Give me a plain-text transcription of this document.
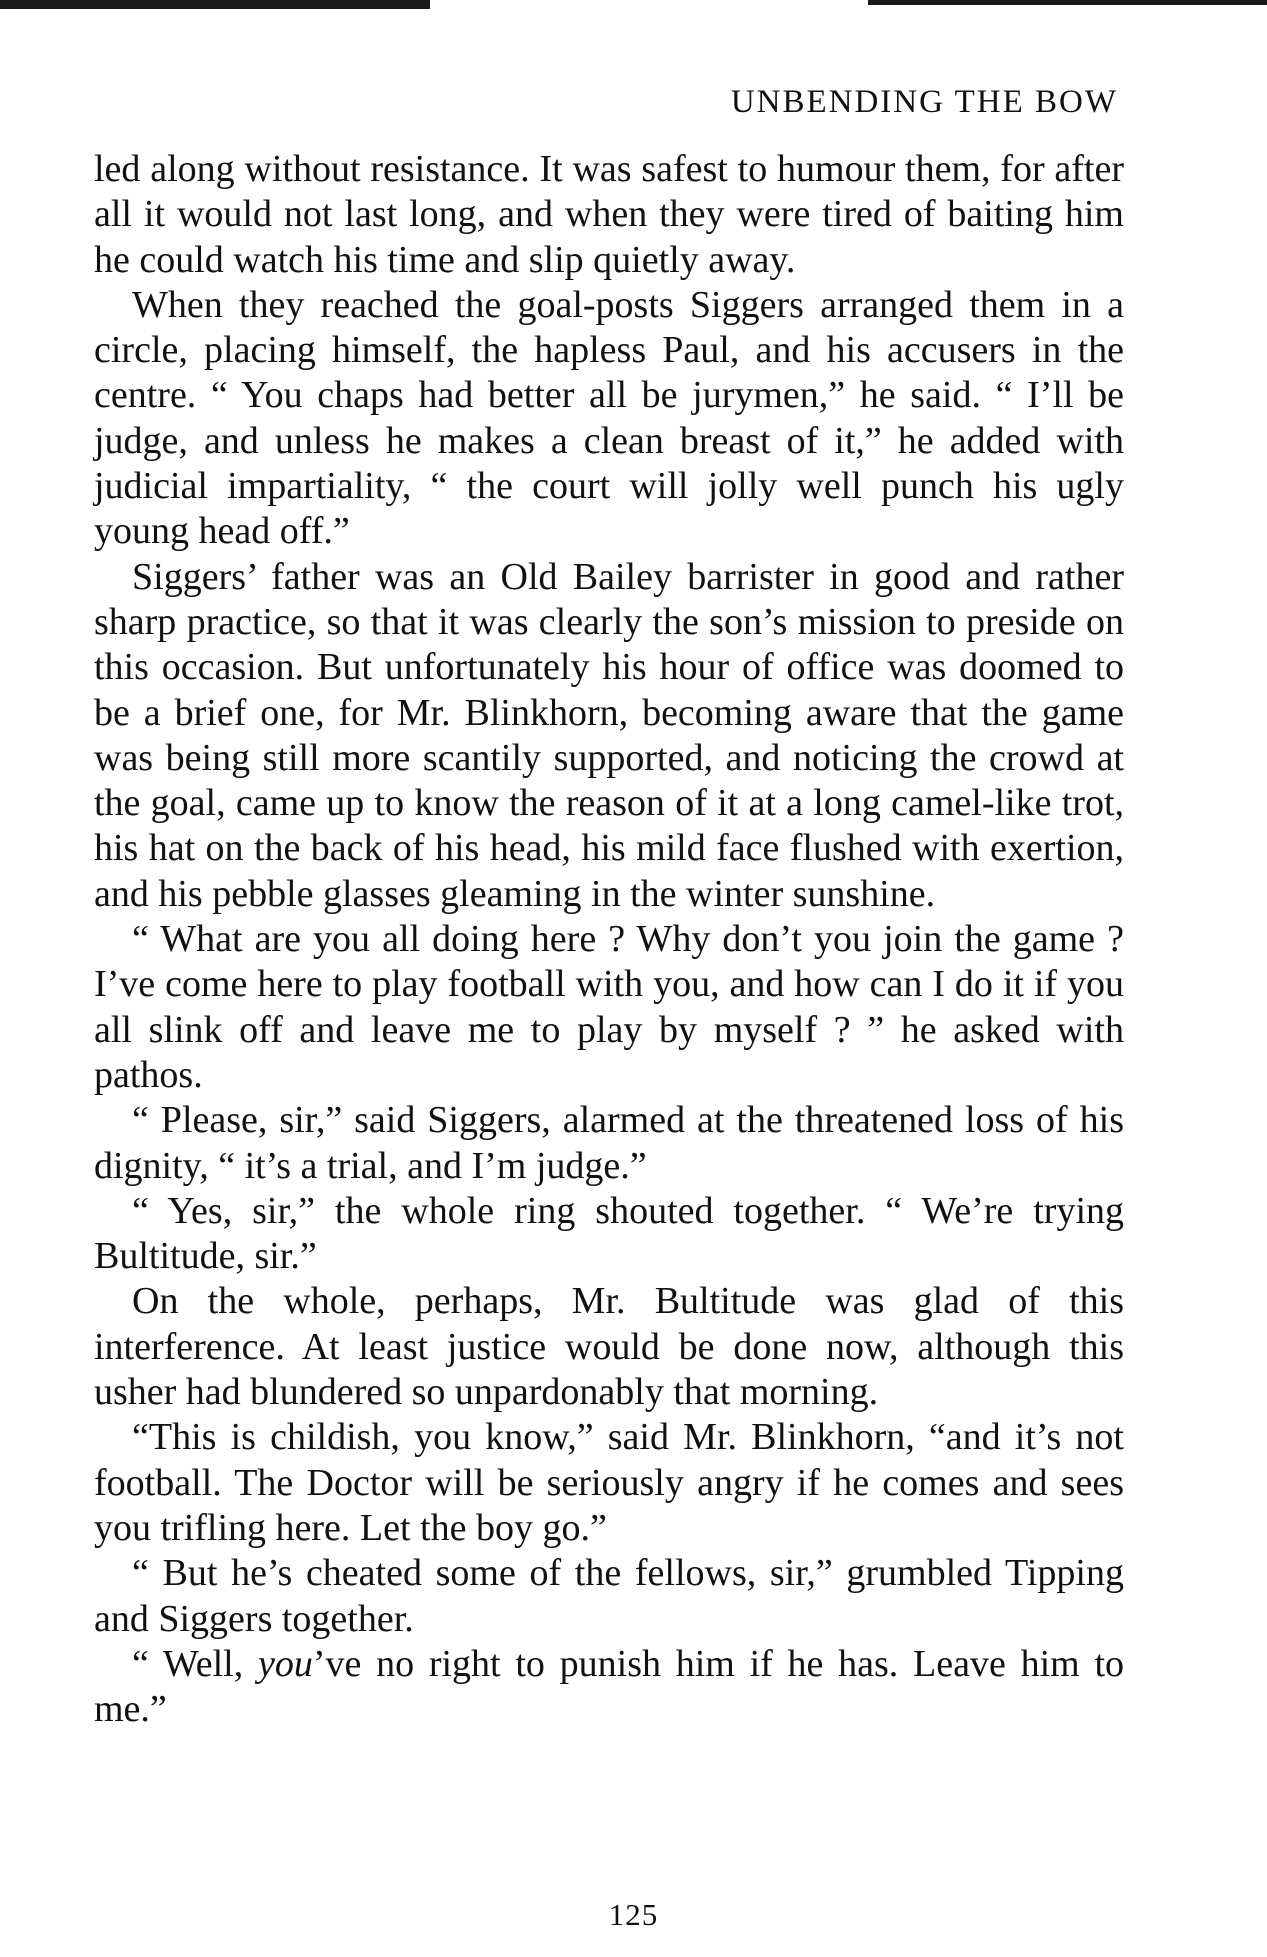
UNBENDING THE BOW

led along without resistance. It was safest to humour them, for after all it would not last long, and when they were tired of baiting him he could watch his time and slip quietly away.

When they reached the goal-posts Siggers arranged them in a circle, placing himself, the hapless Paul, and his accusers in the centre. “ You chaps had better all be jurymen,” he said. “ I’ll be judge, and unless he makes a clean breast of it,” he added with judicial impartiality, “ the court will jolly well punch his ugly young head off.”

Siggers’ father was an Old Bailey barrister in good and rather sharp practice, so that it was clearly the son’s mission to preside on this occasion. But unfortunately his hour of office was doomed to be a brief one, for Mr. Blinkhorn, becoming aware that the game was being still more scantily supported, and noticing the crowd at the goal, came up to know the reason of it at a long camel-like trot, his hat on the back of his head, his mild face flushed with exertion, and his pebble glasses gleaming in the winter sunshine.

“ What are you all doing here ? Why don’t you join the game ? I’ve come here to play football with you, and how can I do it if you all slink off and leave me to play by myself ? ” he asked with pathos.

“ Please, sir,” said Siggers, alarmed at the threatened loss of his dignity, “ it’s a trial, and I’m judge.”

“ Yes, sir,” the whole ring shouted together. “ We’re trying Bultitude, sir.”

On the whole, perhaps, Mr. Bultitude was glad of this interference. At least justice would be done now, although this usher had blundered so unpardonably that morning.

“This is childish, you know,” said Mr. Blinkhorn, “and it’s not football. The Doctor will be seriously angry if he comes and sees you trifling here. Let the boy go.”

“ But he’s cheated some of the fellows, sir,” grumbled Tipping and Siggers together.

“ Well, you’ve no right to punish him if he has. Leave him to me.”

125
